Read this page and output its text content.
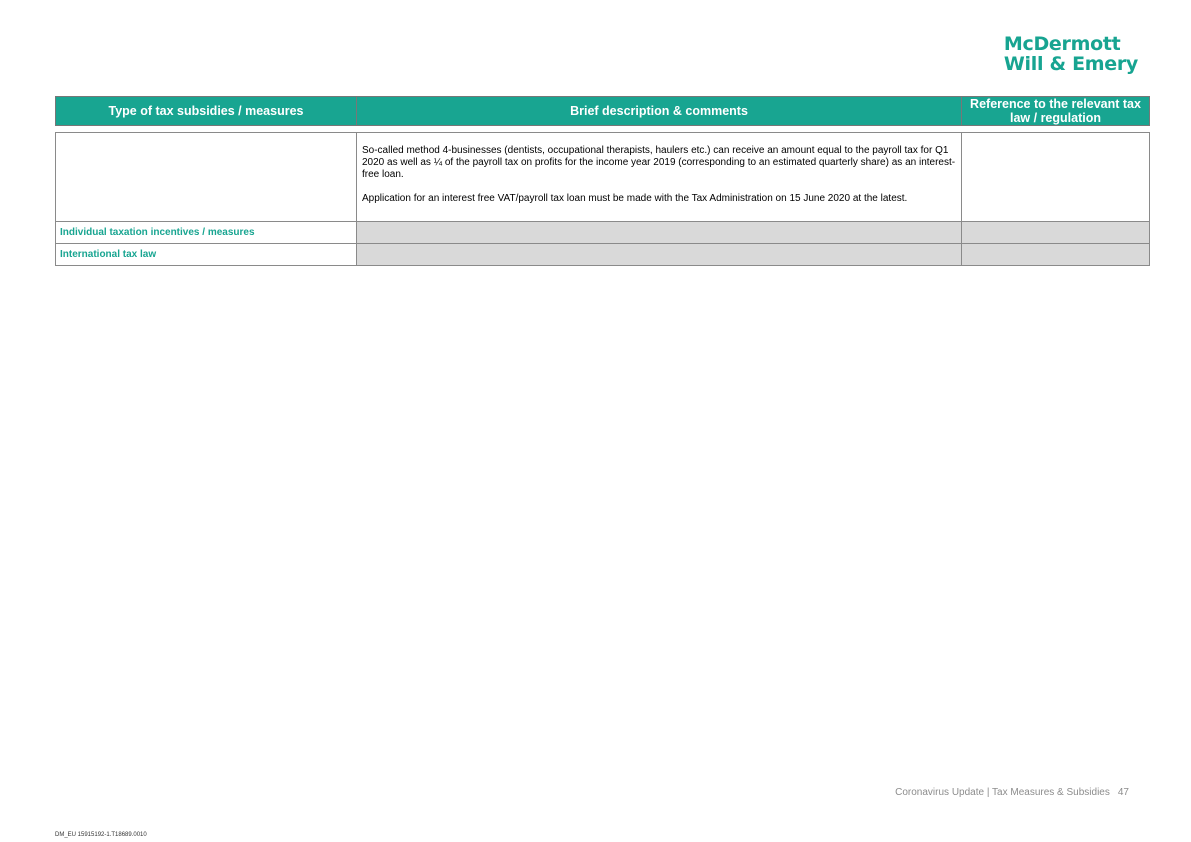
McDermott
Will & Emery
Type of tax subsidies / measures	Brief description & comments	Reference to the relevant tax law / regulation

	So-called method 4-businesses (dentists, occupational therapists, haulers etc.) can receive an amount equal to the payroll tax for Q1 2020 as well as ¼ of the payroll tax on profits for the income year 2019 (corresponding to an estimated quarterly share) as an interest-free loan.

Application for an interest free VAT/payroll tax loan must be made with the Tax Administration on 15 June 2020 at the latest.	

Individual taxation incentives / measures		
International tax law		
Coronavirus Update | Tax Measures & Subsidies 47
DM_EU 15915192-1.T18689.0010
